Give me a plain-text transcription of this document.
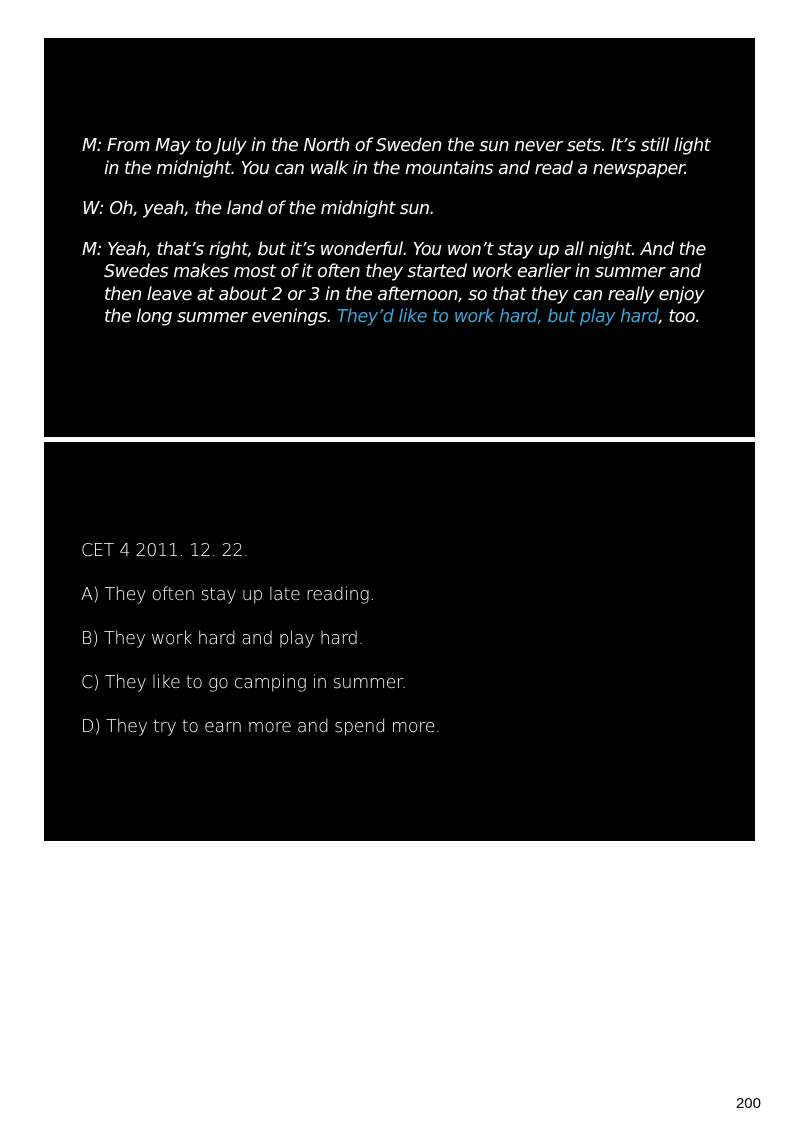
M: From May to July in the North of Sweden the sun never sets. It’s still light in the midnight. You can walk in the mountains and read a newspaper.

W: Oh, yeah, the land of the midnight sun.

M: Yeah, that’s right, but it’s wonderful. You won’t stay up all night. And the Swedes makes most of it often they started work earlier in summer and then leave at about 2 or 3 in the afternoon, so that they can really enjoy the long summer evenings. They’d like to work hard, but play hard, too.

CET 4 2011. 12. 22.

A) They often stay up late reading.

B) They work hard and play hard.

C) They like to go camping in summer.

D) They try to earn more and spend more.

200
